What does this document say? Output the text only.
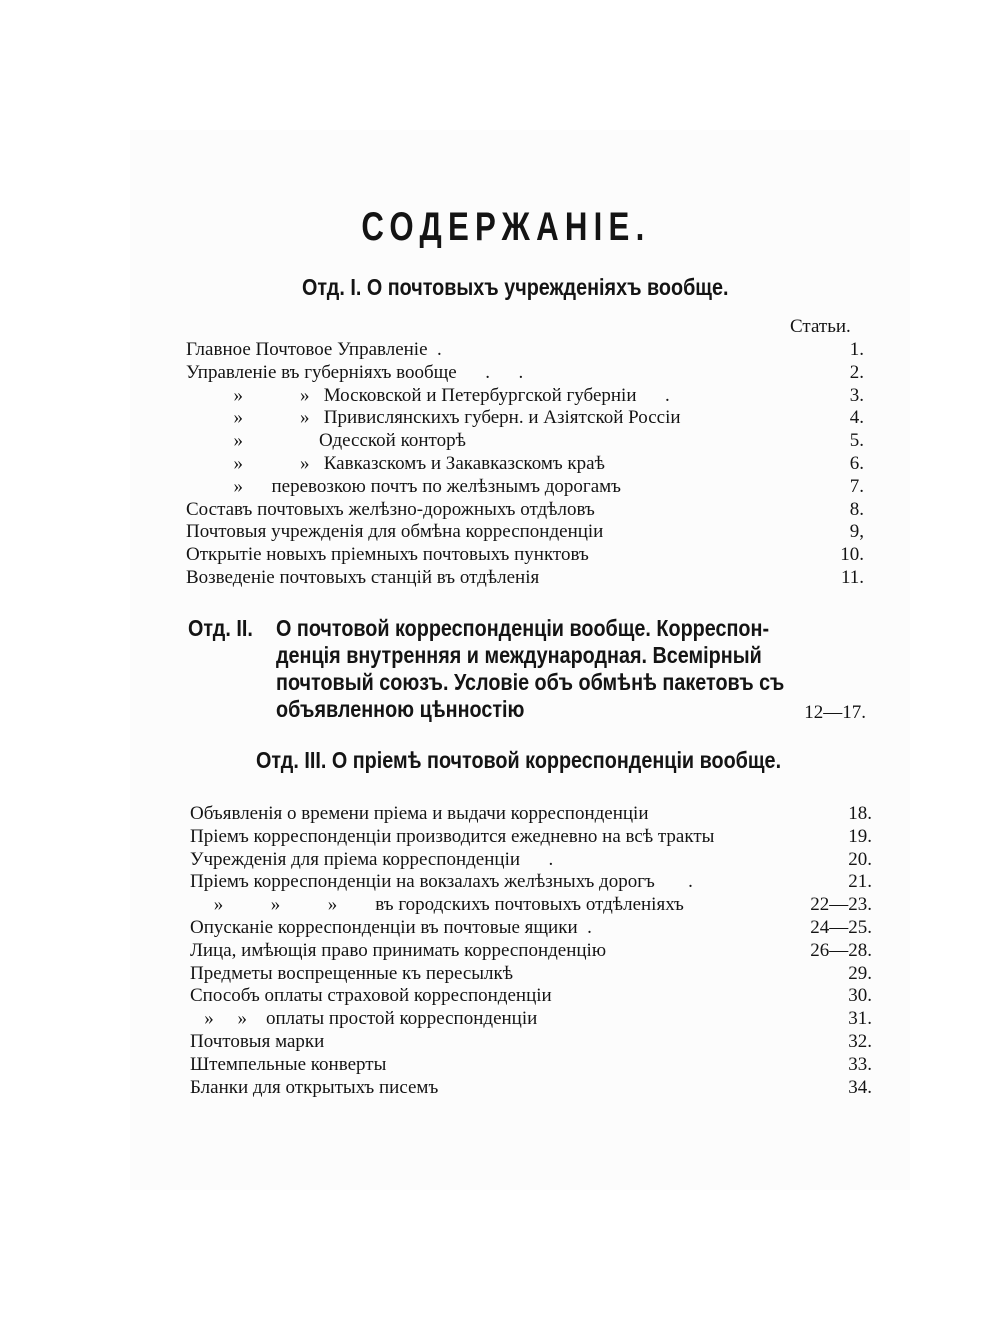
СОДЕРЖАНІЕ.
Отд. I. О почтовыхъ учрежденіяхъ вообще.

Статьи.

Главное Почтовое Управленіе  .	1.
Управленіе въ губерніяхъ вообще      .      .	2.
»            »   Московской и Петербургской губерніи      .	3.
»            »   Привислянскихъ губерн. и Азіятской Россіи	4.
»                Одесской конторѣ	5.
»            »   Кавказскомъ и Закавказскомъ краѣ	6.
»      перевозкою почтъ по желѣзнымъ дорогамъ	7.
Составъ почтовыхъ желѣзно-дорожныхъ отдѣловъ	8.
Почтовыя учрежденія для обмѣна корреспонденціи	9,
Открытіе новыхъ пріемныхъ почтовыхъ пунктовъ	10.
Возведеніе почтовыхъ станцій въ отдѣленія	11.
Отд. II. О почтовой корреспонденціи вообще. Корреспон-
денція внутренняя и международная. Всемірный
почтовый союзъ. Условіе объ обмѣнѣ пакетовъ съ
объявленною цѣнностію	12—17.
Отд. III. О пріемѣ почтовой корреспонденціи вообще.
Объявленія о времени пріема и выдачи корреспонденціи	18.
Пріемъ корреспонденціи производится ежедневно на всѣ тракты	19.
Учрежденія для пріема корреспонденціи      .	20.
Пріемъ корреспонденціи на вокзалахъ желѣзныхъ дорогъ       .	21.
»          »          »        въ городскихъ почтовыхъ отдѣленіяхъ	22—23.
Опусканіе корреспонденціи въ почтовые ящики  .	24—25.
Лица, имѣющія право принимать корреспонденцію	26—28.
Предметы воспрещенные къ пересылкѣ	29.
Способъ оплаты страховой корреспонденціи	30.
»     »    оплаты простой корреспонденціи	31.
Почтовыя марки	32.
Штемпельные конверты	33.
Бланки для открытыхъ писемъ	34.
